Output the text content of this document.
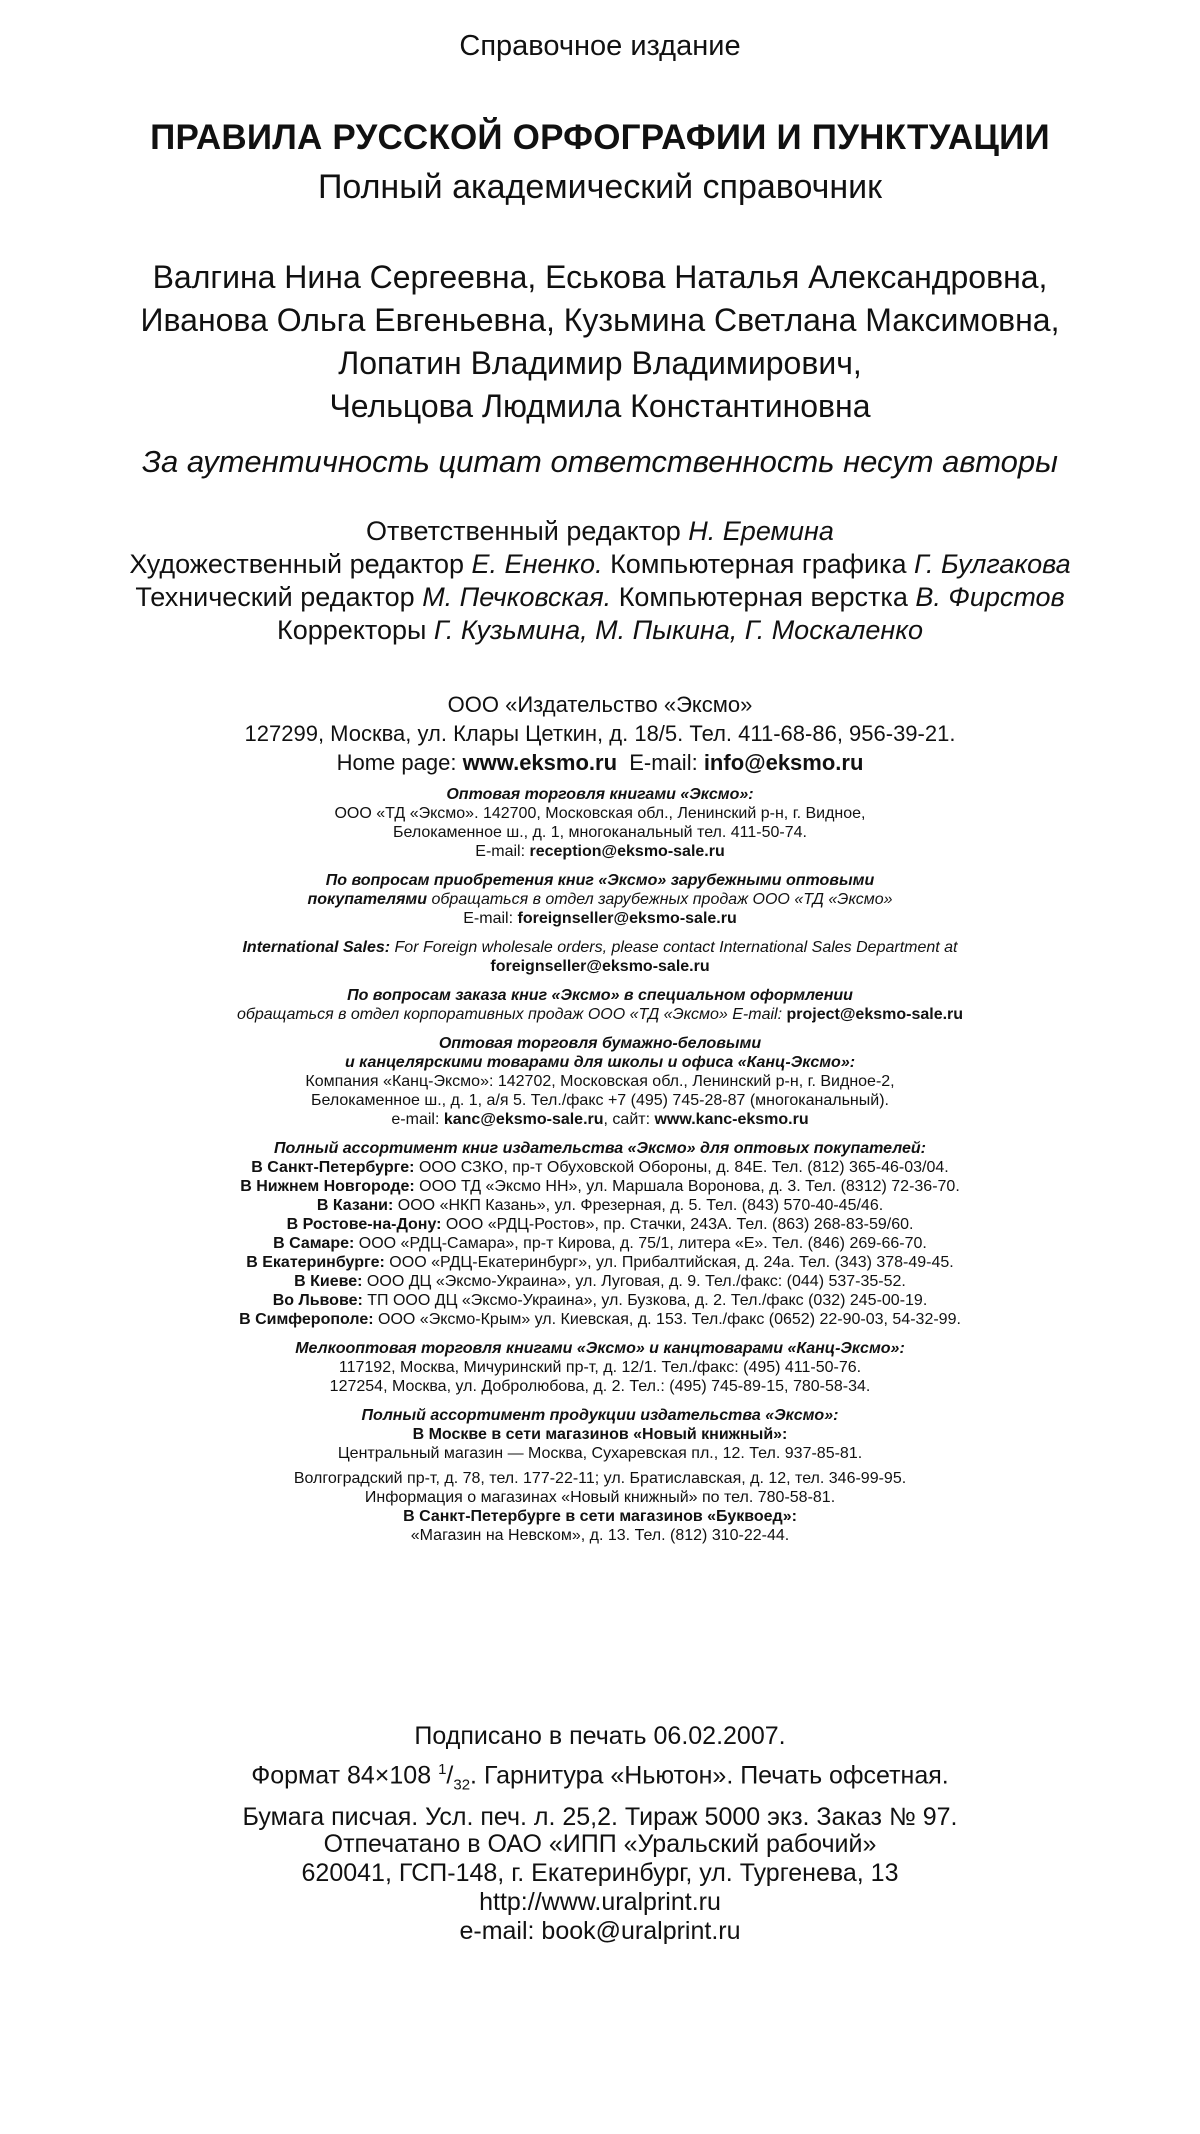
Справочное издание
ПРАВИЛА РУССКОЙ ОРФОГРАФИИ И ПУНКТУАЦИИ
Полный академический справочник
Валгина Нина Сергеевна, Еськова Наталья Александровна,
Иванова Ольга Евгеньевна, Кузьмина Светлана Максимовна,
Лопатин Владимир Владимирович,
Чельцова Людмила Константиновна
За аутентичность цитат ответственность несут авторы
Ответственный редактор Н. Еремина
Художественный редактор Е. Ененко. Компьютерная графика Г. Булгакова
Технический редактор М. Печковская. Компьютерная верстка В. Фирстов
Корректоры Г. Кузьмина, М. Пыкина, Г. Москаленко
ООО «Издательство «Эксмо»
127299, Москва, ул. Клары Цеткин, д. 18/5. Тел. 411-68-86, 956-39-21.
Home page: www.eksmo.ru E-mail: info@eksmo.ru
Оптовая торговля книгами «Эксмо»:
ООО «ТД «Эксмо». 142700, Московская обл., Ленинский р-н, г. Видное,
Белокаменное ш., д. 1, многоканальный тел. 411-50-74.
E-mail: reception@eksmo-sale.ru
По вопросам приобретения книг «Эксмо» зарубежными оптовыми
покупателями обращаться в отдел зарубежных продаж ООО «ТД «Эксмо»
E-mail: foreignseller@eksmo-sale.ru
International Sales: For Foreign wholesale orders, please contact International Sales Department at
foreignseller@eksmo-sale.ru
По вопросам заказа книг «Эксмо» в специальном оформлении
обращаться в отдел корпоративных продаж ООО «ТД «Эксмо» E-mail: project@eksmo-sale.ru
Оптовая торговля бумажно-беловыми
и канцелярскими товарами для школы и офиса «Канц-Эксмо»:
Компания «Канц-Эксмо»: 142702, Московская обл., Ленинский р-н, г. Видное-2,
Белокаменное ш., д. 1, а/я 5. Тел./факс +7 (495) 745-28-87 (многоканальный).
e-mail: kanc@eksmo-sale.ru, сайт: www.kanc-eksmo.ru
Полный ассортимент книг издательства «Эксмо» для оптовых покупателей:
В Санкт-Петербурге: ООО СЗКО, пр-т Обуховской Обороны, д. 84Е. Тел. (812) 365-46-03/04.
В Нижнем Новгороде: ООО ТД «Эксмо НН», ул. Маршала Воронова, д. 3. Тел. (8312) 72-36-70.
В Казани: ООО «НКП Казань», ул. Фрезерная, д. 5. Тел. (843) 570-40-45/46.
В Ростове-на-Дону: ООО «РДЦ-Ростов», пр. Стачки, 243А. Тел. (863) 268-83-59/60.
В Самаре: ООО «РДЦ-Самара», пр-т Кирова, д. 75/1, литера «Е». Тел. (846) 269-66-70.
В Екатеринбурге: ООО «РДЦ-Екатеринбург», ул. Прибалтийская, д. 24а. Тел. (343) 378-49-45.
В Киеве: ООО ДЦ «Эксмо-Украина», ул. Луговая, д. 9. Тел./факс: (044) 537-35-52.
Во Львове: ТП ООО ДЦ «Эксмо-Украина», ул. Бузкова, д. 2. Тел./факс (032) 245-00-19.
В Симферополе: ООО «Эксмо-Крым» ул. Киевская, д. 153. Тел./факс (0652) 22-90-03, 54-32-99.
Мелкооптовая торговля книгами «Эксмо» и канцтоварами «Канц-Эксмо»:
117192, Москва, Мичуринский пр-т, д. 12/1. Тел./факс: (495) 411-50-76.
127254, Москва, ул. Добролюбова, д. 2. Тел.: (495) 745-89-15, 780-58-34.
Полный ассортимент продукции издательства «Эксмо»:
В Москве в сети магазинов «Новый книжный»:
Центральный магазин — Москва, Сухаревская пл., 12. Тел. 937-85-81.
Волгоградский пр-т, д. 78, тел. 177-22-11; ул. Братиславская, д. 12, тел. 346-99-95.
Информация о магазинах «Новый книжный» по тел. 780-58-81.
В Санкт-Петербурге в сети магазинов «Буквоед»:
«Магазин на Невском», д. 13. Тел. (812) 310-22-44.
Подписано в печать 06.02.2007.
Формат 84×108 $^1/_{32}$. Гарнитура «Ньютон». Печать офсетная.
Бумага писчая. Усл. печ. л. 25,2. Тираж 5000 экз. Заказ № 97.
Отпечатано в ОАО «ИПП «Уральский рабочий»
620041, ГСП-148, г. Екатеринбург, ул. Тургенева, 13
http://www.uralprint.ru
e-mail: book@uralprint.ru
